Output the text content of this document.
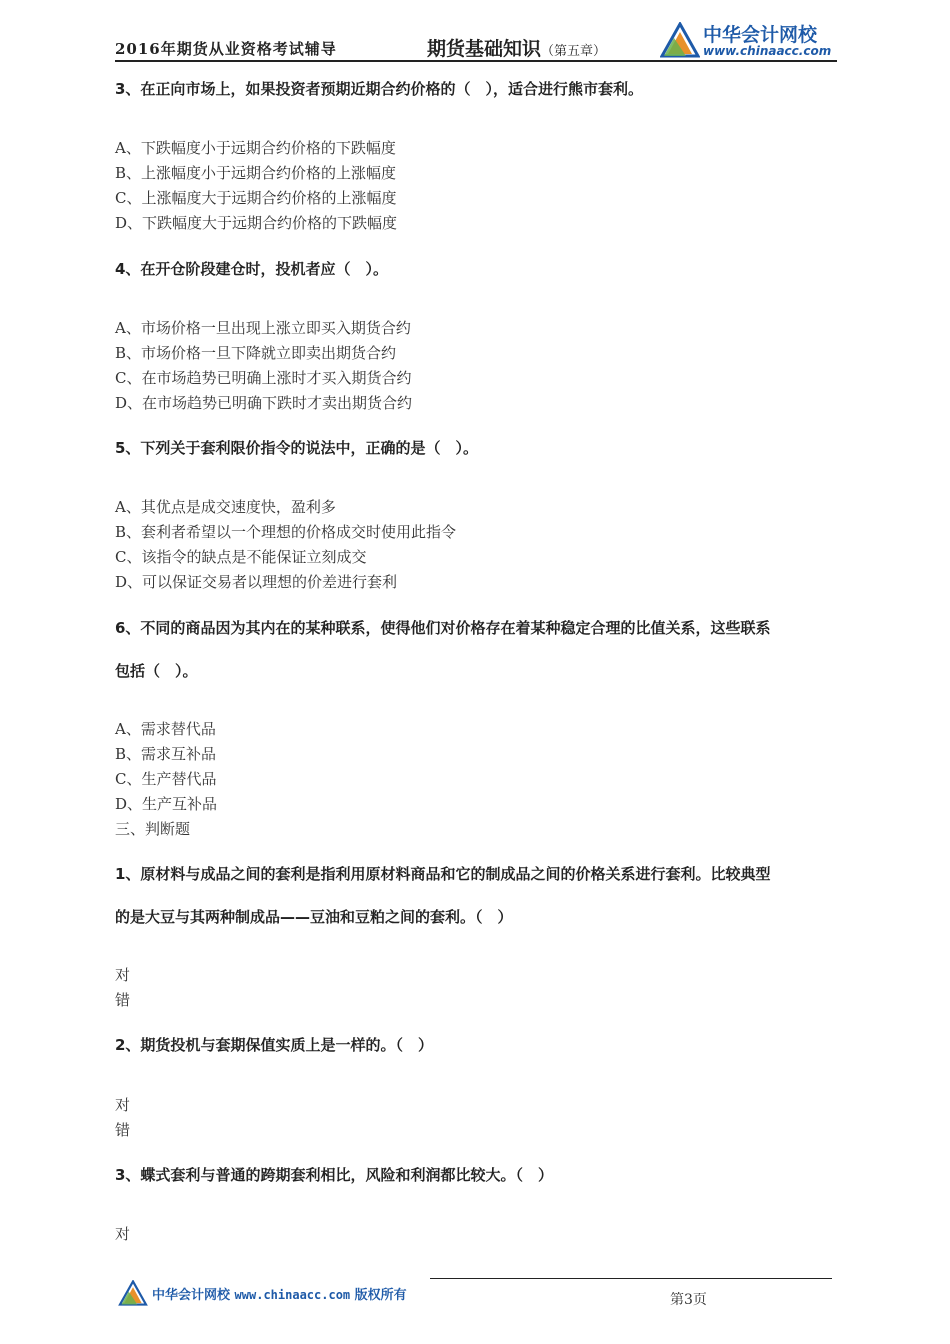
2016年期货从业资格考试辅导	期货基础知识（第五章）
中华会计网校
www.chinaacc.com
3、在正向市场上，如果投资者预期近期合约价格的（　），适合进行熊市套利。
A、下跌幅度小于远期合约价格的下跌幅度
B、上涨幅度小于远期合约价格的上涨幅度
C、上涨幅度大于远期合约价格的上涨幅度
D、下跌幅度大于远期合约价格的下跌幅度
4、在开仓阶段建仓时，投机者应（　）。
A、市场价格一旦出现上涨立即买入期货合约
B、市场价格一旦下降就立即卖出期货合约
C、在市场趋势已明确上涨时才买入期货合约
D、在市场趋势已明确下跌时才卖出期货合约
5、下列关于套利限价指令的说法中，正确的是（　）。
A、其优点是成交速度快，盈利多
B、套利者希望以一个理想的价格成交时使用此指令
C、该指令的缺点是不能保证立刻成交
D、可以保证交易者以理想的价差进行套利
6、不同的商品因为其内在的某种联系，使得他们对价格存在着某种稳定合理的比值关系，这些联系
包括（　）。
A、需求替代品
B、需求互补品
C、生产替代品
D、生产互补品
三、判断题
1、原材料与成品之间的套利是指利用原材料商品和它的制成品之间的价格关系进行套利。比较典型
的是大豆与其两种制成品——豆油和豆粕之间的套利。（　）
对
错
2、期货投机与套期保值实质上是一样的。（　）
对
错
3、蝶式套利与普通的跨期套利相比，风险和利润都比较大。（　）
对
中华会计网校 www.chinaacc.com 版权所有	第3页
